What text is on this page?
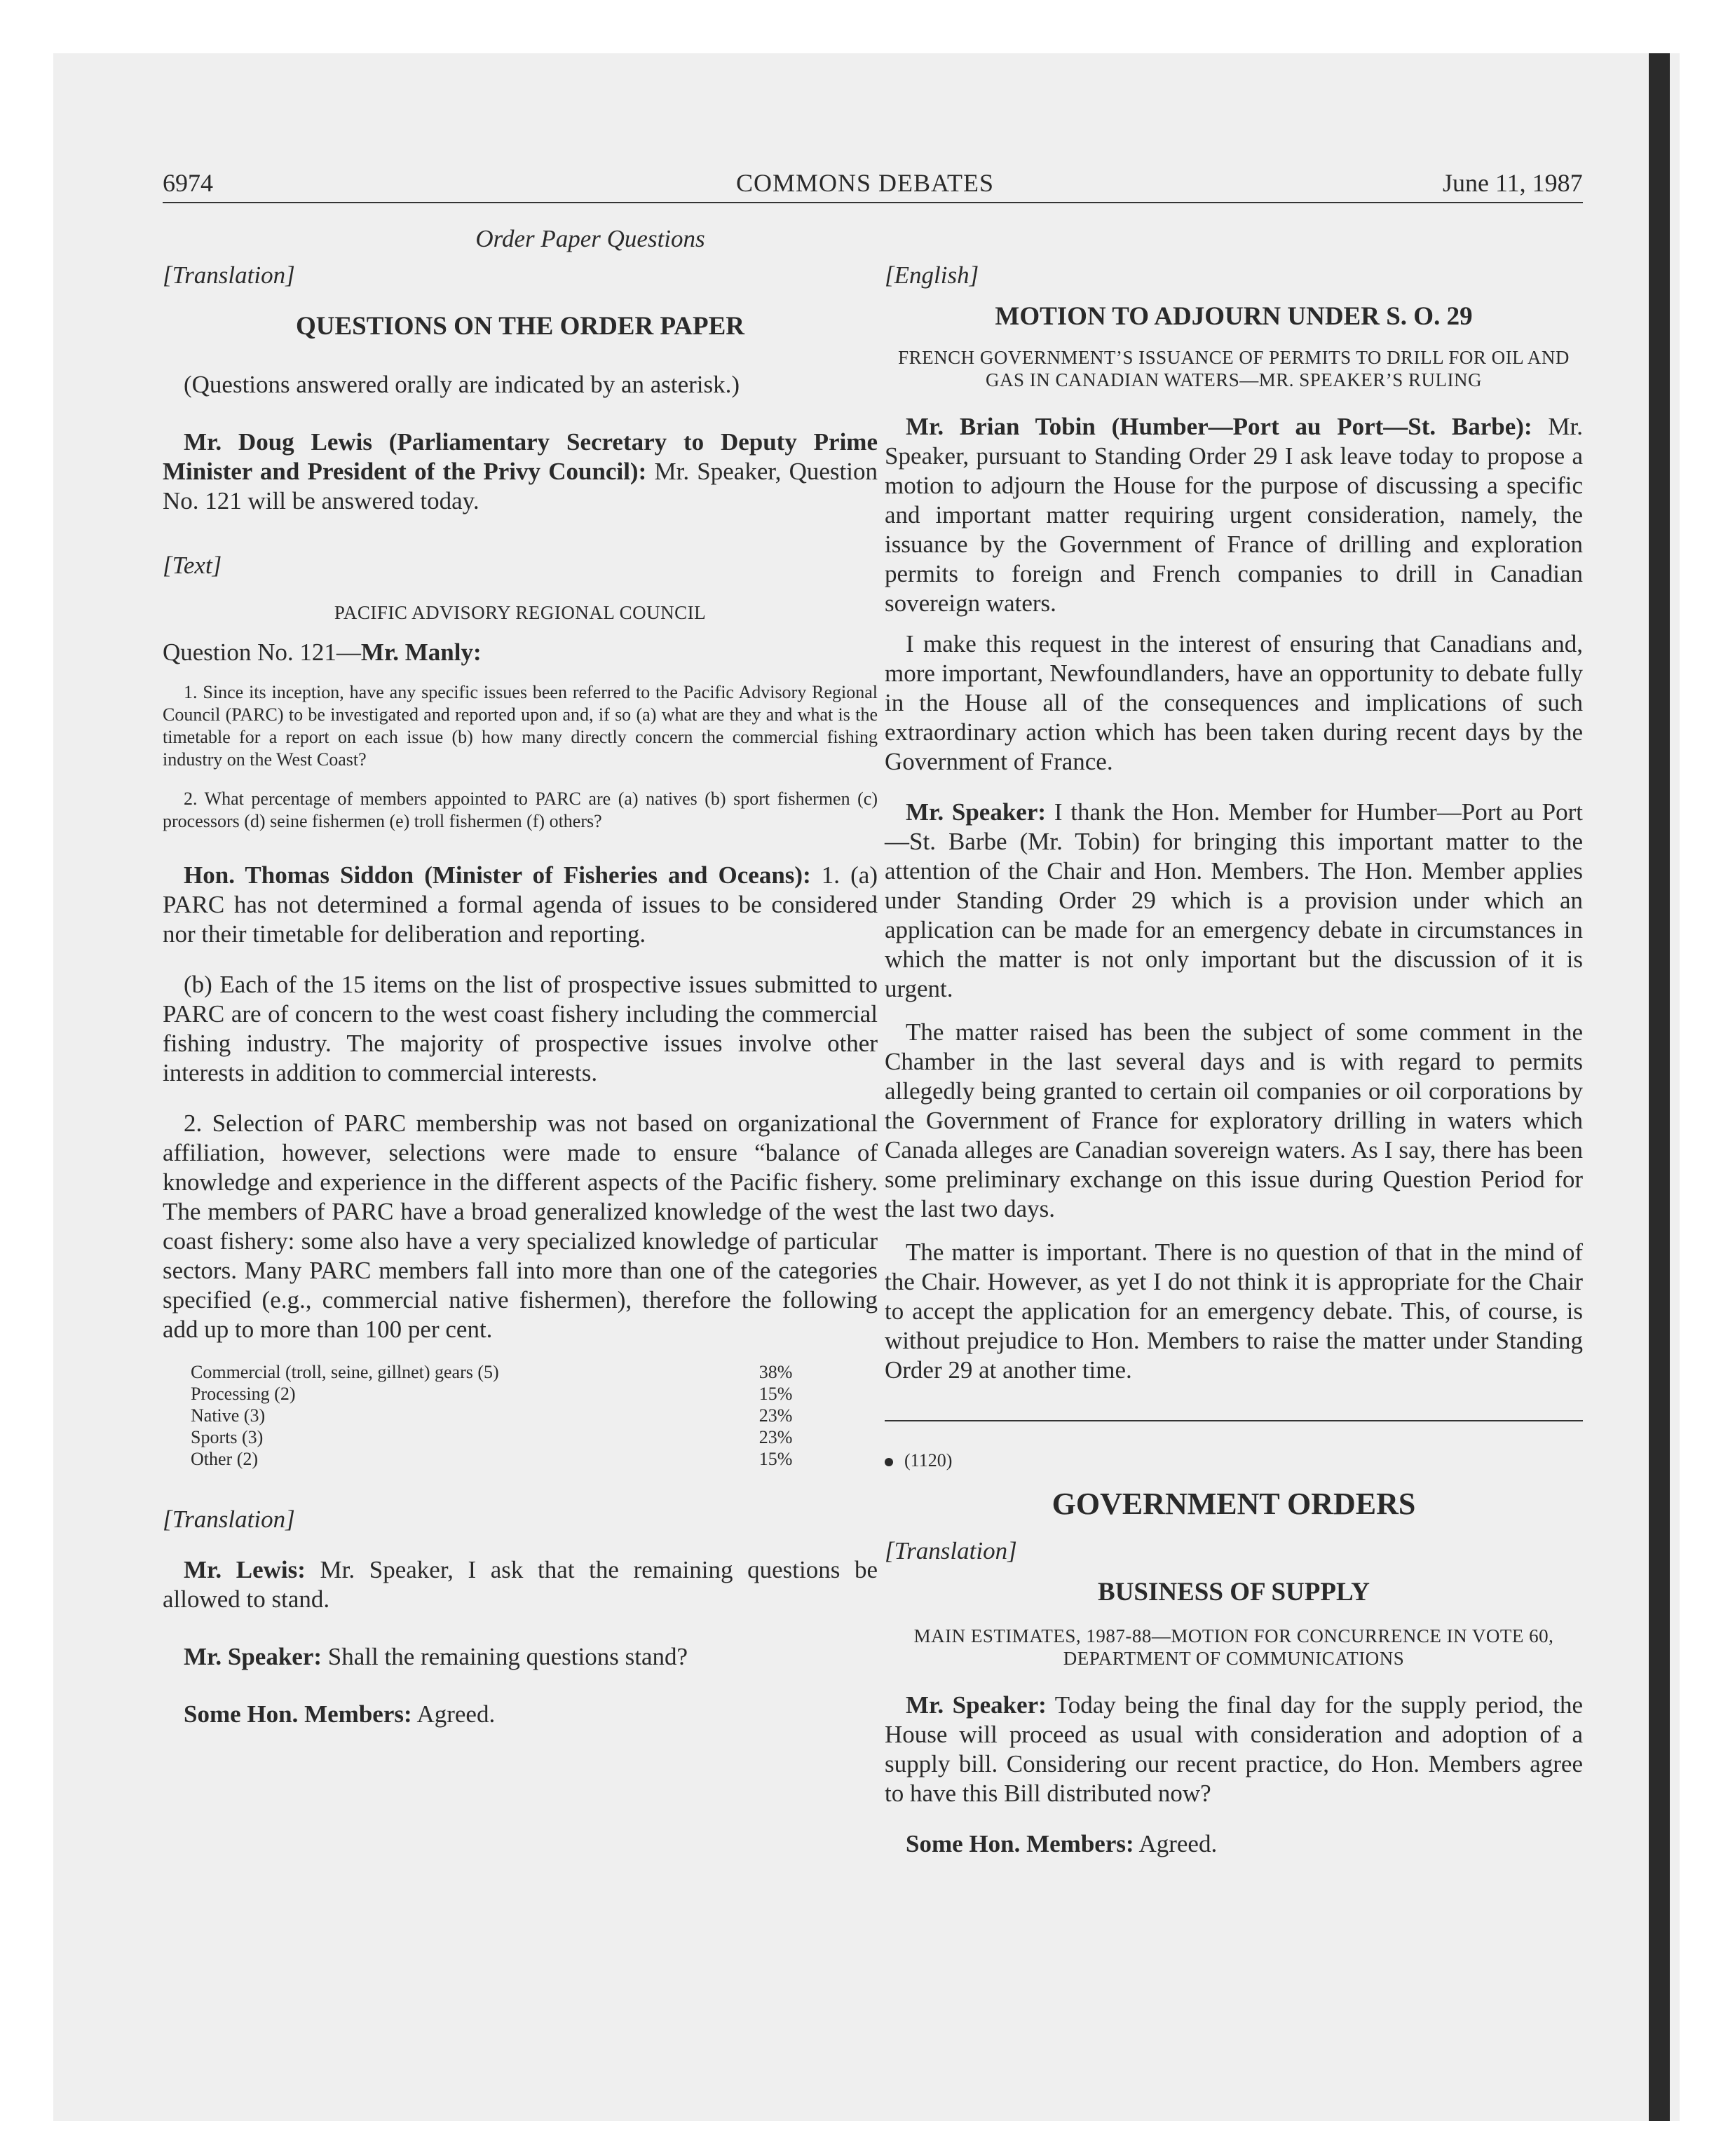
6974	COMMONS DEBATES	June 11, 1987

Order Paper Questions

[Translation]

QUESTIONS ON THE ORDER PAPER

(Questions answered orally are indicated by an asterisk.)

Mr. Doug Lewis (Parliamentary Secretary to Deputy Prime Minister and President of the Privy Council): Mr. Speaker, Question No. 121 will be answered today.

[Text]

PACIFIC ADVISORY REGIONAL COUNCIL

Question No. 121—Mr. Manly:

1. Since its inception, have any specific issues been referred to the Pacific Advisory Regional Council (PARC) to be investigated and reported upon and, if so (a) what are they and what is the timetable for a report on each issue (b) how many directly concern the commercial fishing industry on the West Coast?

2. What percentage of members appointed to PARC are (a) natives (b) sport fishermen (c) processors (d) seine fishermen (e) troll fishermen (f) others?

Hon. Thomas Siddon (Minister of Fisheries and Oceans): 1. (a) PARC has not determined a formal agenda of issues to be considered nor their timetable for deliberation and reporting.

(b) Each of the 15 items on the list of prospective issues submitted to PARC are of concern to the west coast fishery including the commercial fishing industry. The majority of prospective issues involve other interests in addition to commercial interests.

2. Selection of PARC membership was not based on organizational affiliation, however, selections were made to ensure “balance of knowledge and experience in the different aspects of the Pacific fishery. The members of PARC have a broad generalized knowledge of the west coast fishery: some also have a very specialized knowledge of particular sectors. Many PARC members fall into more than one of the categories specified (e.g., commercial native fishermen), therefore the following add up to more than 100 per cent.

Commercial (troll, seine, gillnet) gears (5)	38%
Processing (2)	15%
Native (3)	23%
Sports (3)	23%
Other (2)	15%

[Translation]

Mr. Lewis: Mr. Speaker, I ask that the remaining questions be allowed to stand.

Mr. Speaker: Shall the remaining questions stand?

Some Hon. Members: Agreed.

[English]

MOTION TO ADJOURN UNDER S. O. 29

FRENCH GOVERNMENT’S ISSUANCE OF PERMITS TO DRILL FOR OIL AND GAS IN CANADIAN WATERS—MR. SPEAKER’S RULING

Mr. Brian Tobin (Humber—Port au Port—St. Barbe): Mr. Speaker, pursuant to Standing Order 29 I ask leave today to propose a motion to adjourn the House for the purpose of discussing a specific and important matter requiring urgent consideration, namely, the issuance by the Government of France of drilling and exploration permits to foreign and French companies to drill in Canadian sovereign waters.

I make this request in the interest of ensuring that Canadians and, more important, Newfoundlanders, have an opportunity to debate fully in the House all of the consequences and implications of such extraordinary action which has been taken during recent days by the Government of France.

Mr. Speaker: I thank the Hon. Member for Humber—Port au Port—St. Barbe (Mr. Tobin) for bringing this important matter to the attention of the Chair and Hon. Members. The Hon. Member applies under Standing Order 29 which is a provision under which an application can be made for an emergency debate in circumstances in which the matter is not only important but the discussion of it is urgent.

The matter raised has been the subject of some comment in the Chamber in the last several days and is with regard to permits allegedly being granted to certain oil companies or oil corporations by the Government of France for exploratory drilling in waters which Canada alleges are Canadian sovereign waters. As I say, there has been some preliminary exchange on this issue during Question Period for the last two days.

The matter is important. There is no question of that in the mind of the Chair. However, as yet I do not think it is appropriate for the Chair to accept the application for an emergency debate. This, of course, is without prejudice to Hon. Members to raise the matter under Standing Order 29 at another time.

(1120)

GOVERNMENT ORDERS

[Translation]

BUSINESS OF SUPPLY

MAIN ESTIMATES, 1987-88—MOTION FOR CONCURRENCE IN VOTE 60, DEPARTMENT OF COMMUNICATIONS

Mr. Speaker: Today being the final day for the supply period, the House will proceed as usual with consideration and adoption of a supply bill. Considering our recent practice, do Hon. Members agree to have this Bill distributed now?

Some Hon. Members: Agreed.
